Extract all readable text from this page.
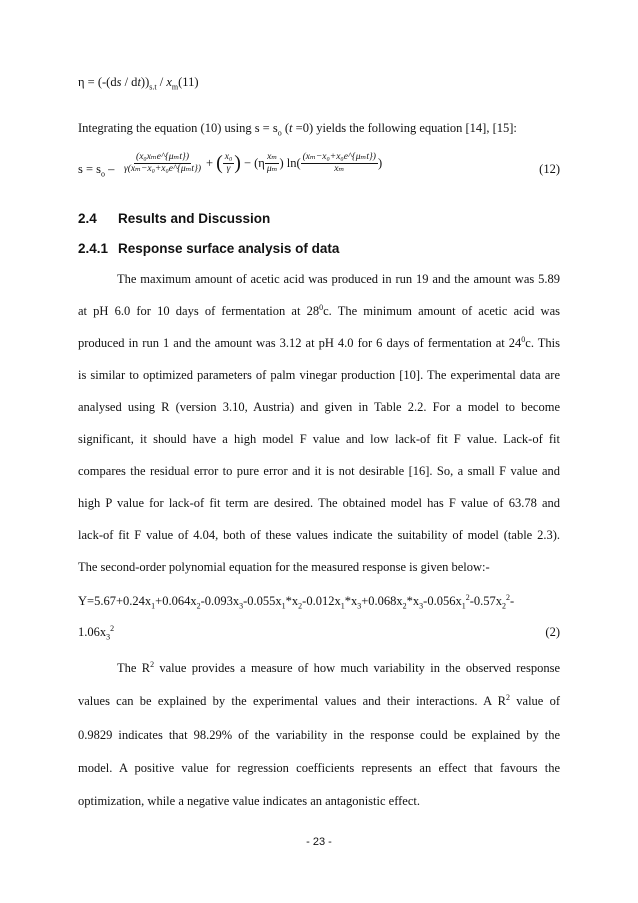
$\eta = (-(ds / dt))_{s.t} / x_m(11)$
Integrating the equation (10) using $s = s_o$ (t =0) yields the following equation [14], [15]:
$s = s_o - \frac{\text{(x₀xₘe\textasciicircum{}\{μₘt\})}}{\text{γ(xₘ−x₀+x₀e\textasciicircum{}\{μₘt\})}}$ + ( $\frac{\text{x₀}}{\gamma}$ ) − ($\eta \frac{\text{xₘ}}{\text{μₘ}}$ ) $\ln( \frac{\text{(xₘ−x₀+x₀e\textasciicircum{}\{μₘt\})}}{\text{xₘ}}$ )	(12)
2.4 Results and Discussion
2.4.1 Response surface analysis of data
The maximum amount of acetic acid was produced in run 19 and the amount was 5.89
at pH 6.0 for 10 days of fermentation at $28^0c$. The minimum amount of acetic acid was
produced in run 1 and the amount was 3.12 at pH 4.0 for 6 days of fermentation at $24^0c$. This
is similar to optimized parameters of palm vinegar production [10]. The experimental data are
analysed using R (version 3.10, Austria) and given in Table 2.2. For a model to become
significant, it should have a high model F value and low lack-of fit F value. Lack-of fit
compares the residual error to pure error and it is not desirable [16]. So, a small F value and
high P value for lack-of fit term are desired. The obtained model has F value of 63.78 and
lack-of fit F value of 4.04, both of these values indicate the suitability of model (table 2.3).
The second-order polynomial equation for the measured response is given below:-
$Y=5.67+0.24x_1+0.064x_2-0.093x_3-0.055x_1*x_2-0.012x_1*x_3+0.068x_2*x_3-0.056x_1^2-0.57x_2^2-$
$1.06x_3^2$	(2)
The $R^2$ value provides a measure of how much variability in the observed response
values can be explained by the experimental values and their interactions. A $R^2$ value of
0.9829 indicates that 98.29% of the variability in the response could be explained by the
model. A positive value for regression coefficients represents an effect that favours the
optimization, while a negative value indicates an antagonistic effect.
- 23 -
